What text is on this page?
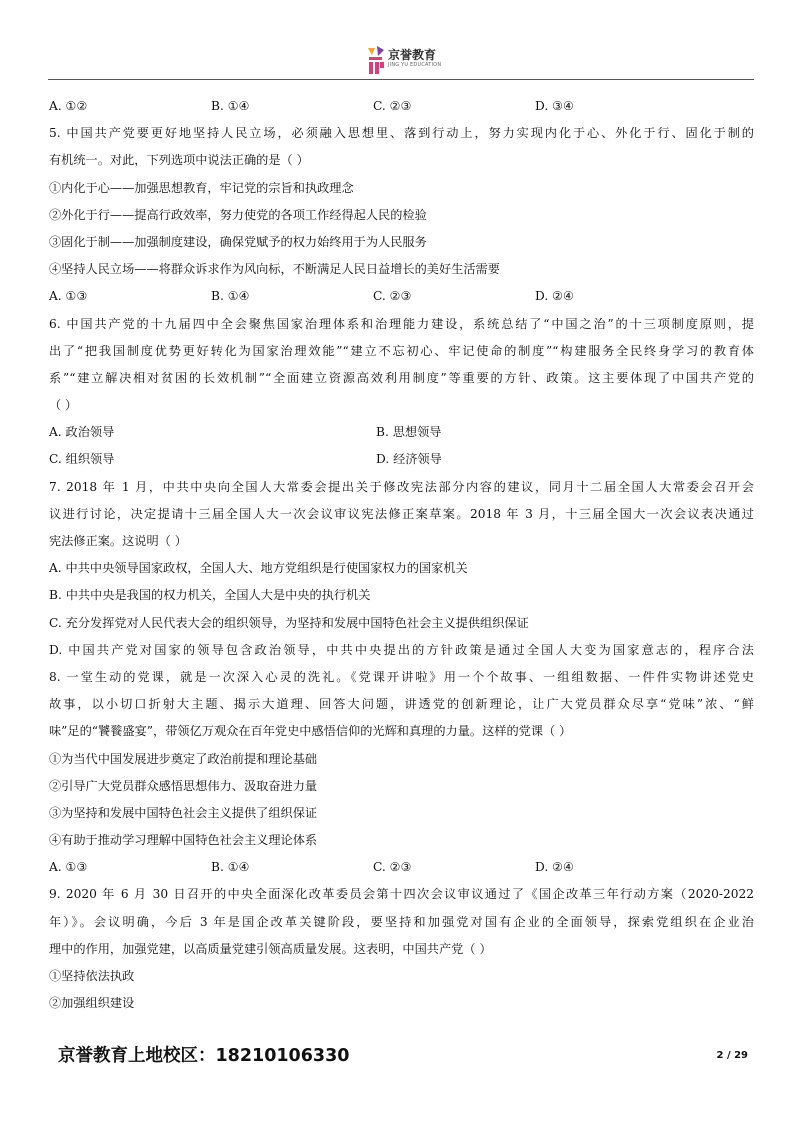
京誉教育
JING YU EDUCATION
A. ①②	B. ①④	C. ②③	D. ③④
5. 中国共产党要更好地坚持人民立场，必须融入思想里、落到行动上，努力实现内化于心、外化于行、固化于制的
有机统一。对此，下列选项中说法正确的是（ ）
①内化于心——加强思想教育，牢记党的宗旨和执政理念
②外化于行——提高行政效率，努力使党的各项工作经得起人民的检验
③固化于制——加强制度建设，确保党赋予的权力始终用于为人民服务
④坚持人民立场——将群众诉求作为风向标，不断满足人民日益增长的美好生活需要
A. ①③	B. ①④	C. ②③	D. ②④
6. 中国共产党的十九届四中全会聚焦国家治理体系和治理能力建设，系统总结了“中国之治”的十三项制度原则，提
出了“把我国制度优势更好转化为国家治理效能”“建立不忘初心、牢记使命的制度”“构建服务全民终身学习的教育体
系”“建立解决相对贫困的长效机制”“全面建立资源高效利用制度”等重要的方针、政策。这主要体现了中国共产党的
（ ）
A. 政治领导	B. 思想领导
C. 组织领导	D. 经济领导
7. 2018 年 1 月，中共中央向全国人大常委会提出关于修改宪法部分内容的建议，同月十二届全国人大常委会召开会
议进行讨论，决定提请十三届全国人大一次会议审议宪法修正案草案。2018 年 3 月，十三届全国大一次会议表决通过
宪法修正案。这说明（ ）
A. 中共中央领导国家政权，全国人大、地方党组织是行使国家权力的国家机关
B. 中共中央是我国的权力机关，全国人大是中央的执行机关
C. 充分发挥党对人民代表大会的组织领导，为坚持和发展中国特色社会主义提供组织保证
D. 中国共产党对国家的领导包含政治领导，中共中央提出的方针政策是通过全国人大变为国家意志的，程序合法
8. 一堂生动的党课，就是一次深入心灵的洗礼。《党课开讲啦》用一个个故事、一组组数据、一件件实物讲述党史
故事，以小切口折射大主题、揭示大道理、回答大问题，讲透党的创新理论，让广大党员群众尽享“党味”浓、“鲜
味”足的“饕餮盛宴”，带领亿万观众在百年党史中感悟信仰的光辉和真理的力量。这样的党课（ ）
①为当代中国发展进步奠定了政治前提和理论基础
②引导广大党员群众感悟思想伟力、汲取奋进力量
③为坚持和发展中国特色社会主义提供了组织保证
④有助于推动学习理解中国特色社会主义理论体系
A. ①③	B. ①④	C. ②③	D. ②④
9. 2020 年 6 月 30 日召开的中央全面深化改革委员会第十四次会议审议通过了《国企改革三年行动方案（2020-2022
年）》。会议明确，今后 3 年是国企改革关键阶段，要坚持和加强党对国有企业的全面领导，探索党组织在企业治
理中的作用，加强党建，以高质量党建引领高质量发展。这表明，中国共产党（ ）
①坚持依法执政
②加强组织建设
京誉教育上地校区：18210106330	2 / 29
